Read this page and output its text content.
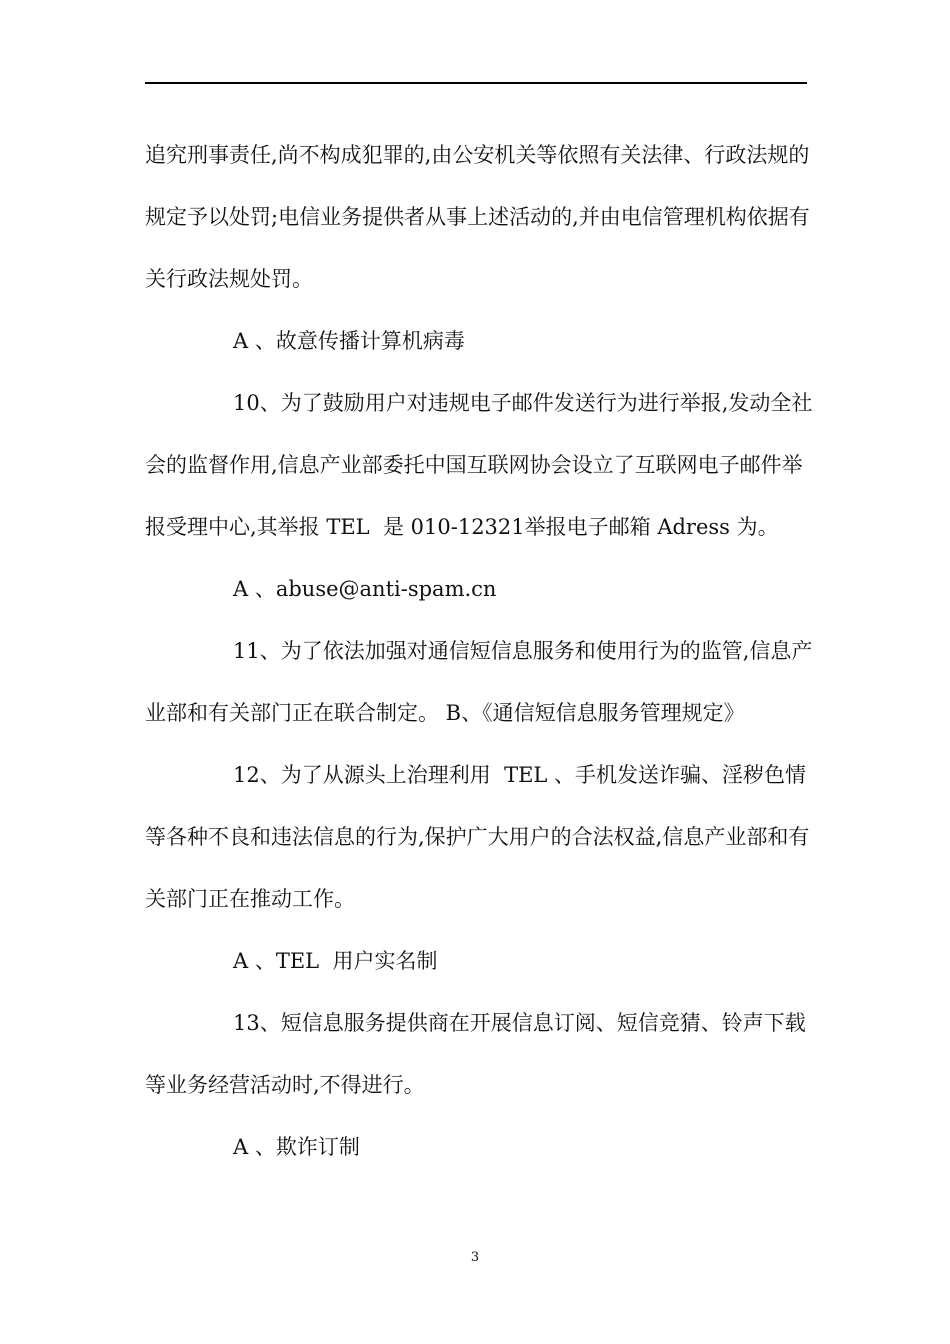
追究刑事责任,尚不构成犯罪的,由公安机关等依照有关法律、行政法规的规定予以处罚;电信业务提供者从事上述活动的,并由电信管理机构依据有关行政法规处罚。

A 、故意传播计算机病毒

10、为了鼓励用户对违规电子邮件发送行为进行举报,发动全社会的监督作用,信息产业部委托中国互联网协会设立了互联网电子邮件举报受理中心,其举报 TEL  是 010-12321举报电子邮箱 Adress 为。

A 、abuse@anti-spam.cn

11、为了依法加强对通信短信息服务和使用行为的监管,信息产业部和有关部门正在联合制定。 B、《通信短信息服务管理规定》

12、为了从源头上治理利用  TEL 、手机发送诈骗、淫秽色情等各种不良和违法信息的行为,保护广大用户的合法权益,信息产业部和有关部门正在推动工作。

A 、TEL  用户实名制

13、短信息服务提供商在开展信息订阅、短信竞猜、铃声下载等业务经营活动时,不得进行。

A 、欺诈订制

3
